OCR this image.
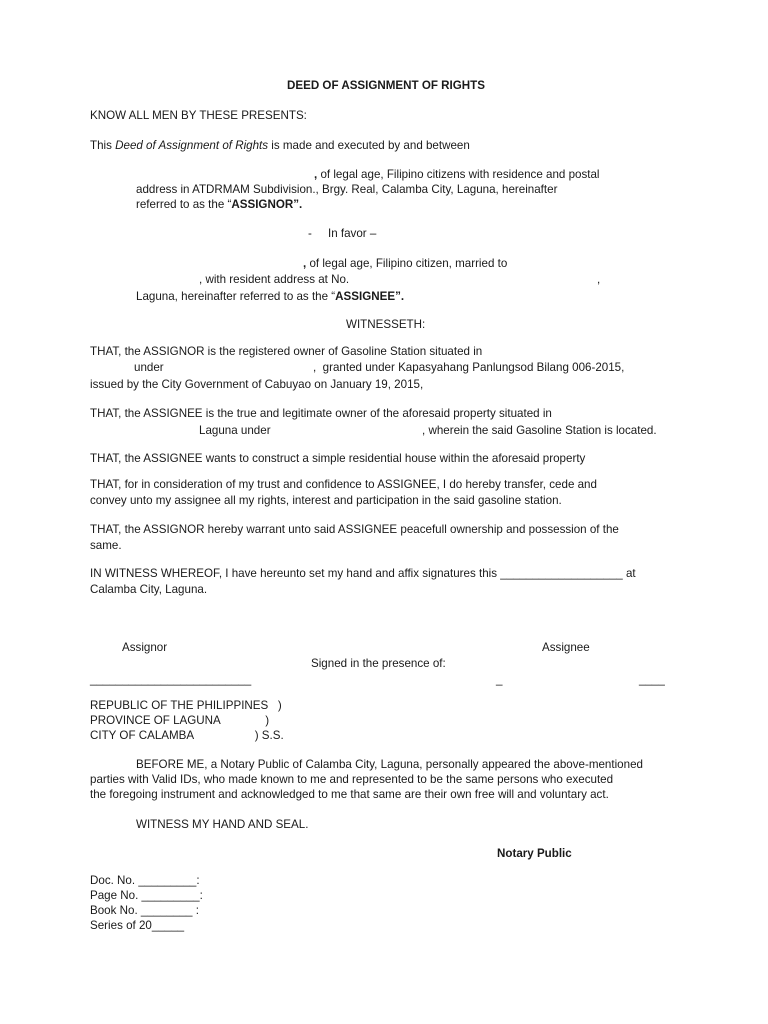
DEED OF ASSIGNMENT OF RIGHTS
KNOW ALL MEN BY THESE PRESENTS:
This Deed of Assignment of Rights is made and executed by and between
, of legal age, Filipino citizens with residence and postal
address in ATDRMAM Subdivision., Brgy. Real, Calamba City, Laguna, hereinafter
referred to as the “ASSIGNOR”.
-     In favor –
, of legal age, Filipino citizen, married to
, with resident address at No.	,
Laguna, hereinafter referred to as the “ASSIGNEE”.
WITNESSETH:
THAT, the ASSIGNOR is the registered owner of Gasoline Station situated in
under	,  granted under Kapasyahang Panlungsod Bilang 006-2015,
issued by the City Government of Cabuyao on January 19, 2015,
THAT, the ASSIGNEE is the true and legitimate owner of the aforesaid property situated in
Laguna under	, wherein the said Gasoline Station is located.
THAT, the ASSIGNEE wants to construct a simple residential house within the aforesaid property
THAT, for in consideration of my trust and confidence to ASSIGNEE, I do hereby transfer, cede and
convey unto my assignee all my rights, interest and participation in the said gasoline station.
THAT, the ASSIGNOR hereby warrant unto said ASSIGNEE peacefull ownership and possession of the
same.
IN WITNESS WHEREOF, I have hereunto set my hand and affix signatures this ___________________ at
Calamba City, Laguna.
Assignor	Assignee
Signed in the presence of:
_________________________	_	____
REPUBLIC OF THE PHILIPPINES   )
PROVINCE OF LAGUNA              )
CITY OF CALAMBA                   ) S.S.
BEFORE ME, a Notary Public of Calamba City, Laguna, personally appeared the above-mentioned
parties with Valid IDs, who made known to me and represented to be the same persons who executed
the foregoing instrument and acknowledged to me that same are their own free will and voluntary act.
WITNESS MY HAND AND SEAL.
Notary Public
Doc. No. _________:
Page No. _________:
Book No. ________ :
Series of 20_____
